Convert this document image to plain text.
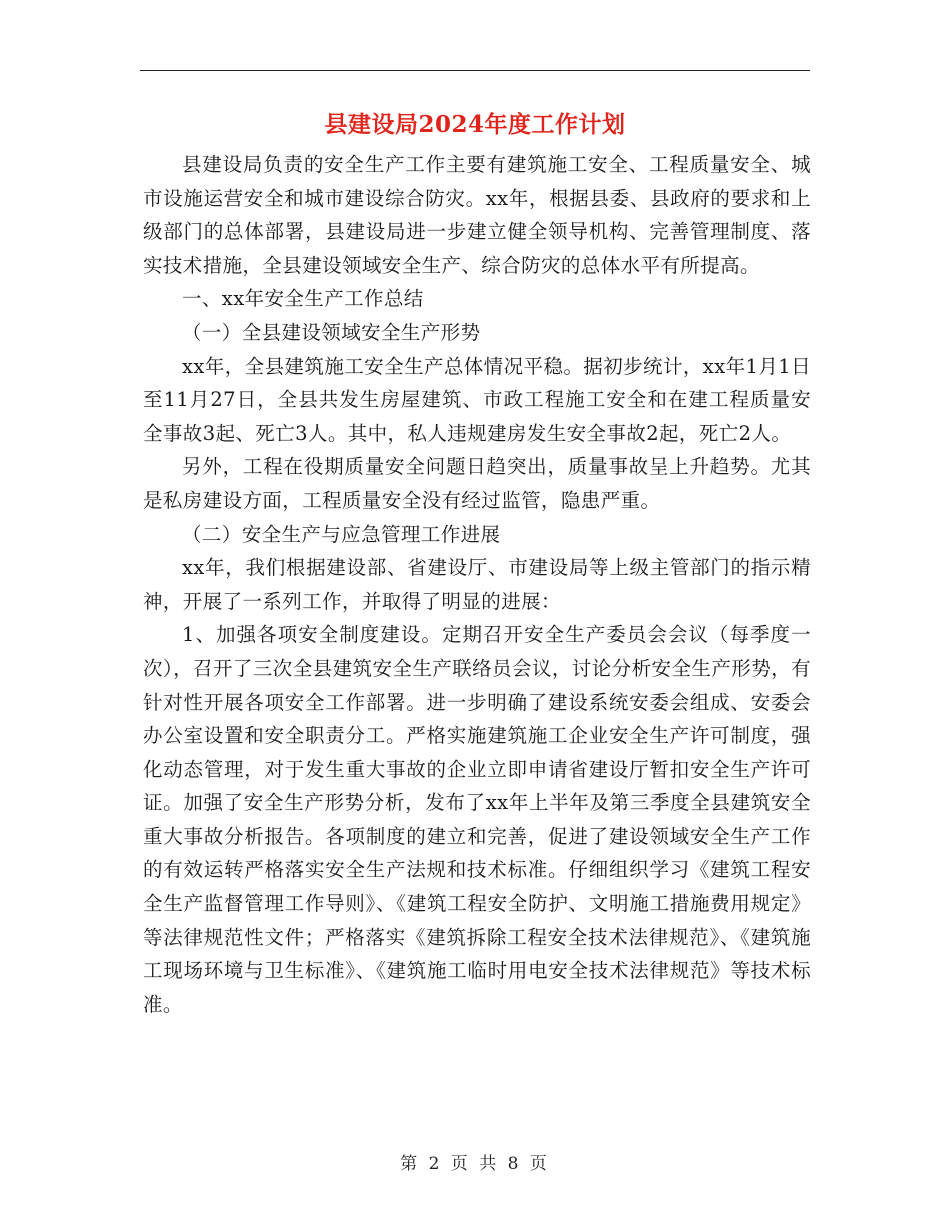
县建设局2024年度工作计划

县建设局负责的安全生产工作主要有建筑施工安全、工程质量安全、城市设施运营安全和城市建设综合防灾。xx年，根据县委、县政府的要求和上级部门的总体部署，县建设局进一步建立健全领导机构、完善管理制度、落实技术措施，全县建设领域安全生产、综合防灾的总体水平有所提高。

一、xx年安全生产工作总结

（一）全县建设领域安全生产形势

xx年，全县建筑施工安全生产总体情况平稳。据初步统计，xx年1月1日至11月27日，全县共发生房屋建筑、市政工程施工安全和在建工程质量安全事故3起、死亡3人。其中，私人违规建房发生安全事故2起，死亡2人。

另外，工程在役期质量安全问题日趋突出，质量事故呈上升趋势。尤其是私房建设方面，工程质量安全没有经过监管，隐患严重。

（二）安全生产与应急管理工作进展

xx年，我们根据建设部、省建设厅、市建设局等上级主管部门的指示精神，开展了一系列工作，并取得了明显的进展：

1、加强各项安全制度建设。定期召开安全生产委员会会议（每季度一次），召开了三次全县建筑安全生产联络员会议，讨论分析安全生产形势，有针对性开展各项安全工作部署。进一步明确了建设系统安委会组成、安委会办公室设置和安全职责分工。严格实施建筑施工企业安全生产许可制度，强化动态管理，对于发生重大事故的企业立即申请省建设厅暂扣安全生产许可证。加强了安全生产形势分析，发布了xx年上半年及第三季度全县建筑安全重大事故分析报告。各项制度的建立和完善，促进了建设领域安全生产工作的有效运转严格落实安全生产法规和技术标准。仔细组织学习《建筑工程安全生产监督管理工作导则》、《建筑工程安全防护、文明施工措施费用规定》等法律规范性文件；严格落实《建筑拆除工程安全技术法律规范》、《建筑施工现场环境与卫生标准》、《建筑施工临时用电安全技术法律规范》等技术标准。

第 2 页 共 8 页
